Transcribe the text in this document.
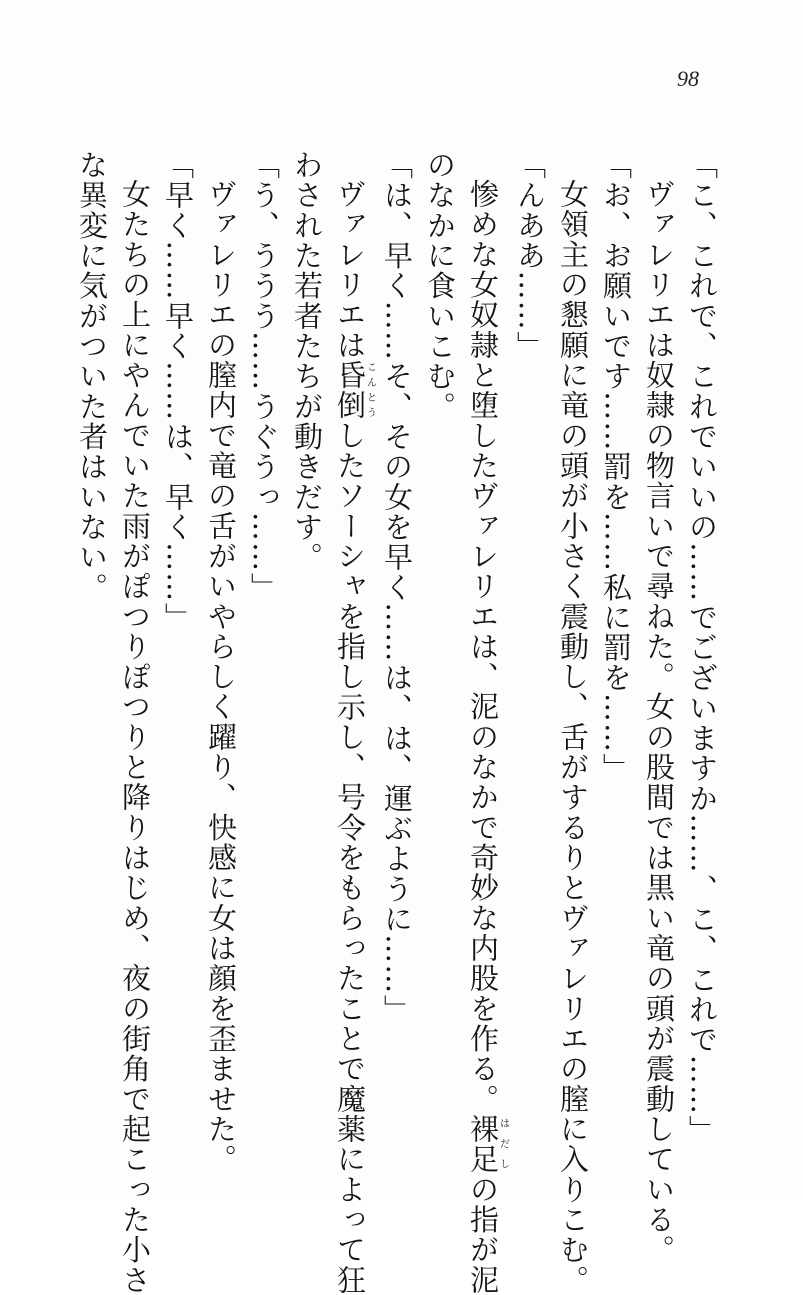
98
「こ、これで、これでいいの……でございますか……、こ、これで……」
ヴァレリエは奴隷の物言いで尋ねた。女の股間では黒い竜の頭が震動している。
「お、お願いです……罰を……私に罰を……」
女領主の懇願に竜の頭が小さく震動し、舌がするりとヴァレリエの膣に入りこむ。
「んああ……」
惨めな女奴隷と堕したヴァレリエは、泥のなかで奇妙な内股を作る。裸足はだしの指が泥
のなかに食いこむ。
「は、早く……そ、その女を早く……は、は、運ぶように……」
ヴァレリエは昏倒こんとうしたソーシャを指し示し、号令をもらったことで魔薬によって狂
わされた若者たちが動きだす。
「う、ううう……うぐうっ……」
ヴァレリエの膣内で竜の舌がいやらしく躍り、快感に女は顔を歪ませた。
「早く……早く……は、早く……」
女たちの上にやんでいた雨がぽつりぽつりと降りはじめ、夜の街角で起こった小さ
な異変に気がついた者はいない。
